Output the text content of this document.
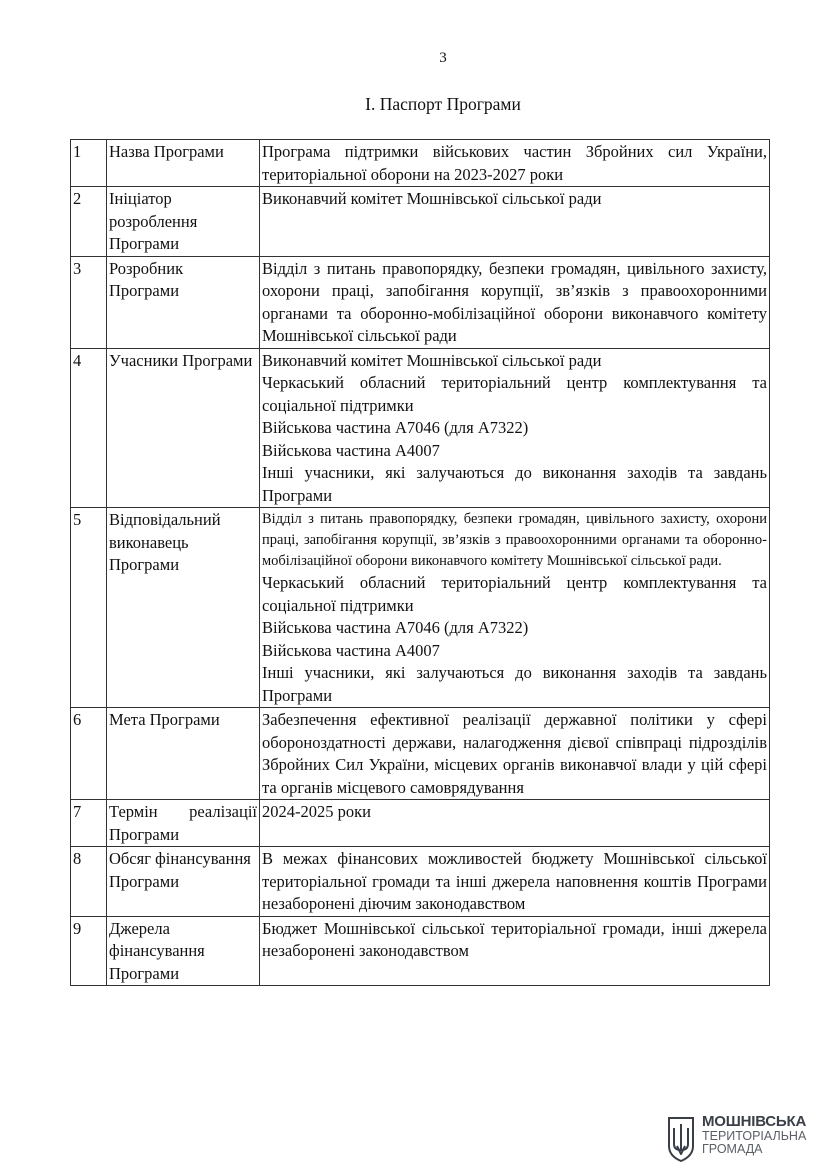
3
І. Паспорт Програми
1	Назва Програми	Програма підтримки військових частин Збройних сил України, територіальної оборони на 2023-2027 роки
2	Ініціатор розроблення Програми	Виконавчий комітет Мошнівської сільської ради
3	Розробник Програми	Відділ з питань правопорядку, безпеки громадян, цивільного захисту, охорони праці, запобігання корупції, зв’язків з правоохоронними органами та оборонно-мобілізаційної оборони виконавчого комітету Мошнівської сільської ради
4	Учасники Програми	Виконавчий комітет Мошнівської сільської ради
Черкаський обласний територіальний центр комплектування та соціальної підтримки
Військова частина А7046 (для А7322)
Військова частина А4007
Інші учасники, які залучаються до виконання заходів та завдань Програми

5	Відповідальний виконавець Програми	Відділ з питань правопорядку, безпеки громадян, цивільного захисту, охорони праці, запобігання корупції, зв’язків з правоохоронними органами та оборонно-мобілізаційної оборони виконавчого комітету Мошнівської сільської ради.
Черкаський обласний територіальний центр комплектування та соціальної підтримки
Військова частина А7046 (для А7322)
Військова частина А4007
Інші учасники, які залучаються до виконання заходів та завдань Програми

6	Мета Програми	Забезпечення ефективної реалізації державної політики у сфері обороноздатності держави, налагодження дієвої співпраці підрозділів Збройних Сил України, місцевих органів виконавчої влади у цій сфері та органів місцевого самоврядування
7	Термін реалізації Програми	2024-2025 роки
8	Обсяг фінансування Програми	В межах фінансових можливостей бюджету Мошнівської сільської територіальної громади та інші джерела наповнення коштів Програми незаборонені діючим законодавством
9	Джерела фінансування Програми	Бюджет Мошнівської сільської територіальної громади, інші джерела незаборонені законодавством
МОШНІВСЬКА
ТЕРИТОРІАЛЬНА
ГРОМАДА
